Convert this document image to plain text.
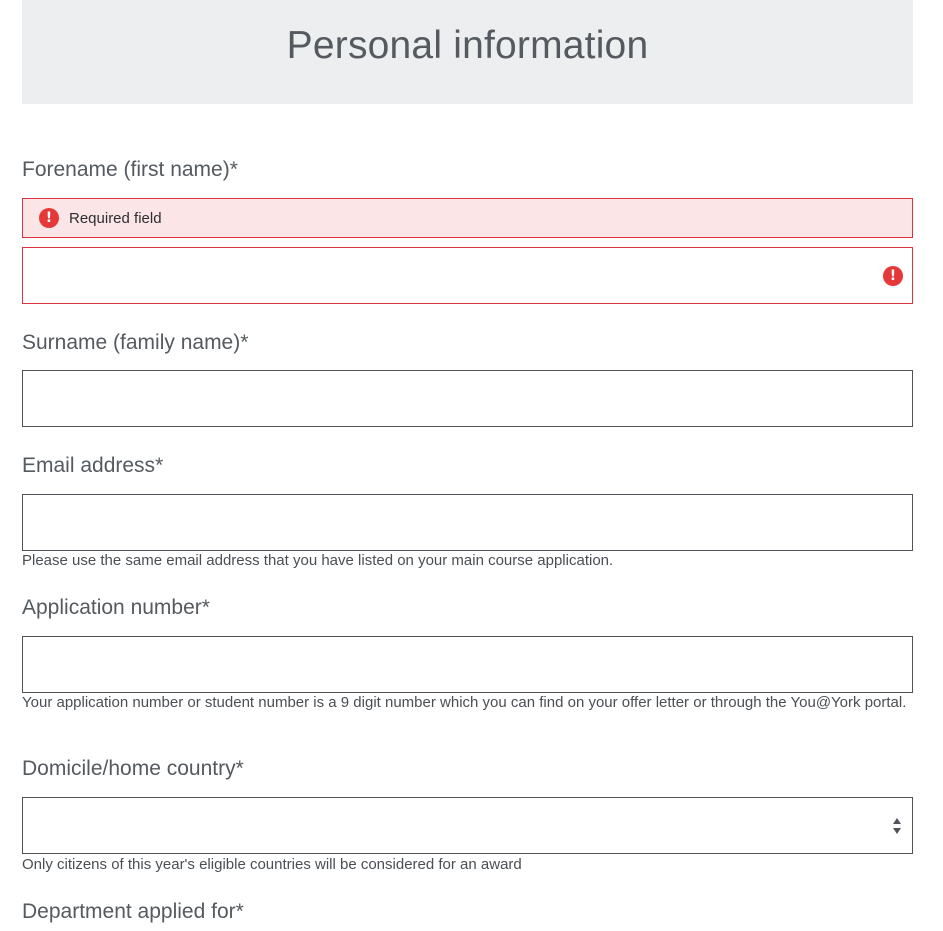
Personal information
Forename (first name)*
!	Required field
!
Surname (family name)*
Email address*
Please use the same email address that you have listed on your main course application.
Application number*
Your application number or student number is a 9 digit number which you can find on your offer letter or through the You@York portal.
Domicile/home country*
Only citizens of this year's eligible countries will be considered for an award
Department applied for*
